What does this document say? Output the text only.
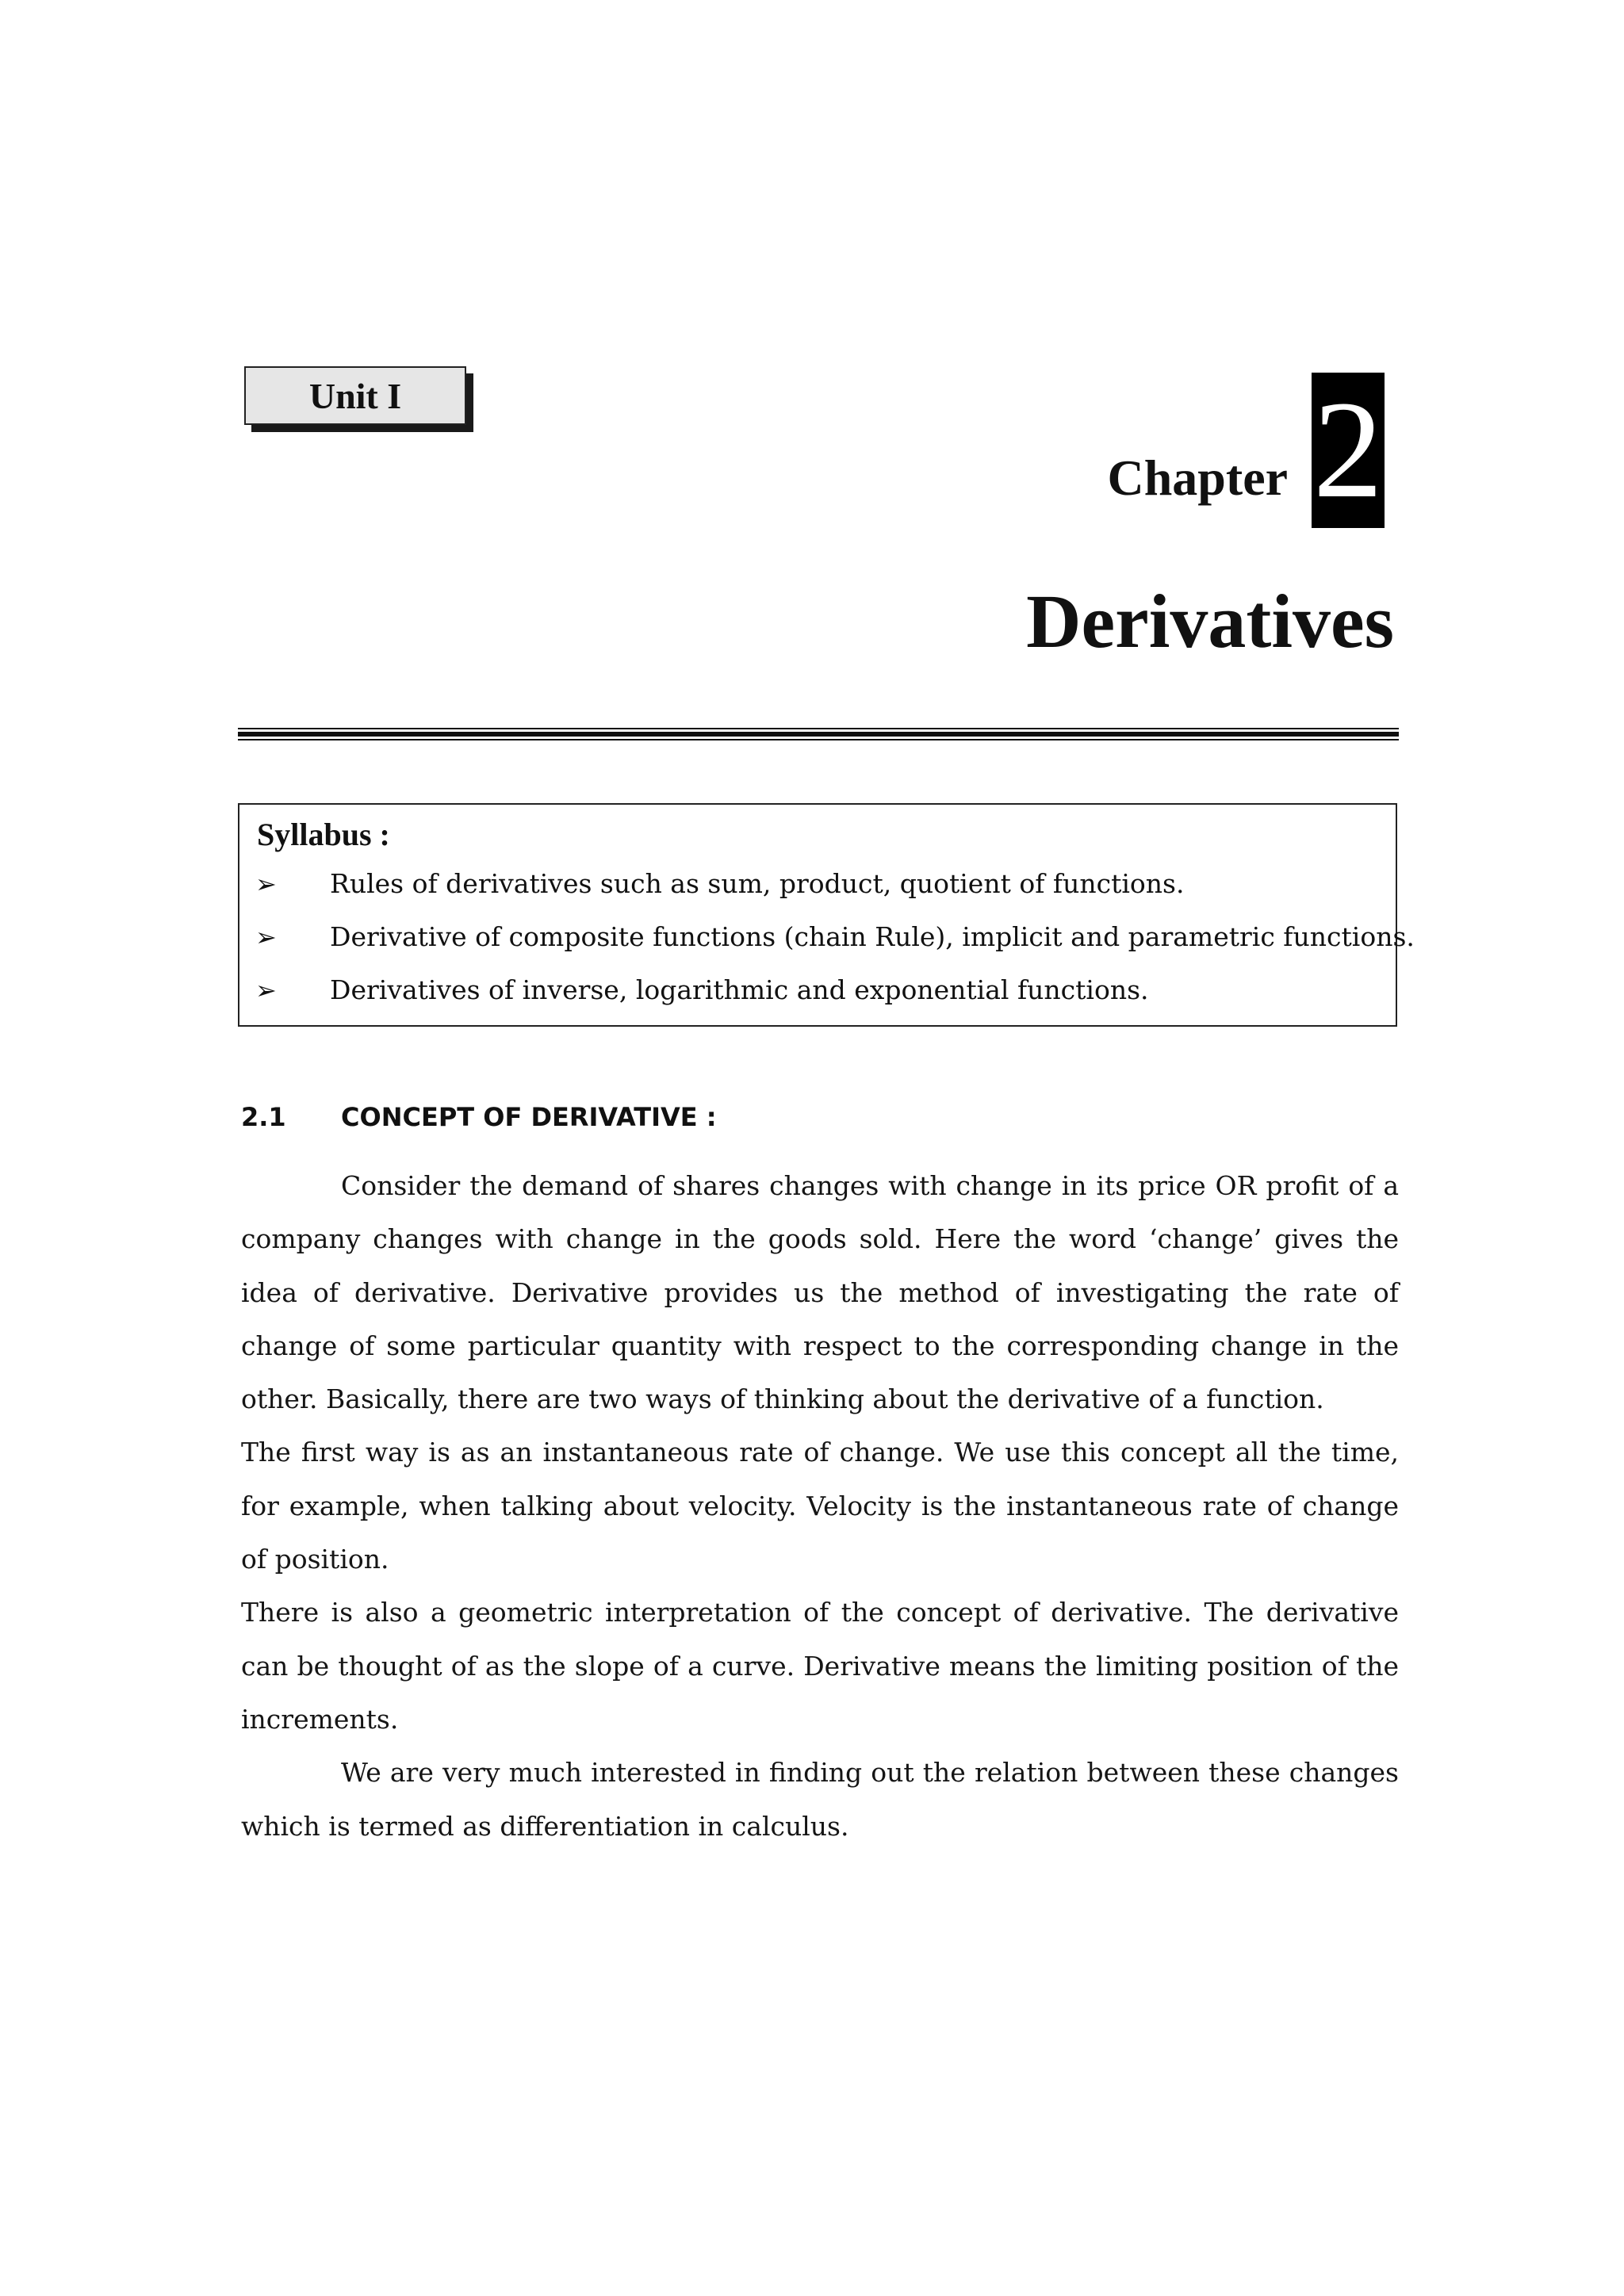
Unit I
Chapter 2
Derivatives
Syllabus :
➢ Rules of derivatives such as sum, product, quotient of functions.
➢ Derivative of composite functions (chain Rule), implicit and parametric functions.
➢ Derivatives of inverse, logarithmic and exponential functions.
2.1 CONCEPT OF DERIVATIVE :

Consider the demand of shares changes with change in its price OR profit of a company changes with change in the goods sold. Here the word ‘change’ gives the idea of derivative. Derivative provides us the method of investigating the rate of change of some particular quantity with respect to the corresponding change in the other. Basically, there are two ways of thinking about the derivative of a function.

The first way is as an instantaneous rate of change. We use this concept all the time, for example, when talking about velocity. Velocity is the instantaneous rate of change of position.

There is also a geometric interpretation of the concept of derivative. The derivative can be thought of as the slope of a curve. Derivative means the limiting position of the increments.

We are very much interested in finding out the relation between these changes which is termed as differentiation in calculus.
